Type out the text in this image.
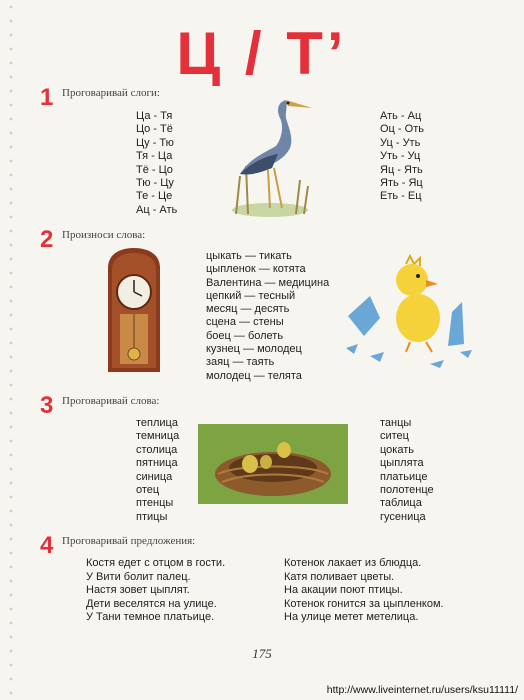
Ц / Т’
1 Проговаривай слоги:
Ца - Тя
Цо - Тё
Цу - Тю
Тя - Ца
Тё - Цо
Тю - Цу
Те - Це
Ац - Ать
Ать - Ац
Оц - Оть
Уц - Уть
Уть - Уц
Яц - Ять
Ять - Яц
Еть - Ец
2 Произноси слова:
цыкать — тикать
цыпленок — котята
Валентина — медицина
цепкий — тесный
месяц — десять
сцена — стены
боец — болеть
кузнец — молодец
заяц — таять
молодец — телята
3 Проговаривай слова:
теплица
темница
столица
пятница
синица
отец
птенцы
птицы
танцы
ситец
цокать
цыплята
платьице
полотенце
таблица
гусеница
4 Проговаривай предложения:
Костя едет с отцом в гости.
У Вити болит палец.
Настя зовет цыплят.
Дети веселятся на улице.
У Тани темное платьице.
Котенок лакает из блюдца.
Катя поливает цветы.
На акации поют птицы.
Котенок гонится за цыпленком.
На улице метет метелица.
175
http://www.liveinternet.ru/users/ksu11111/
